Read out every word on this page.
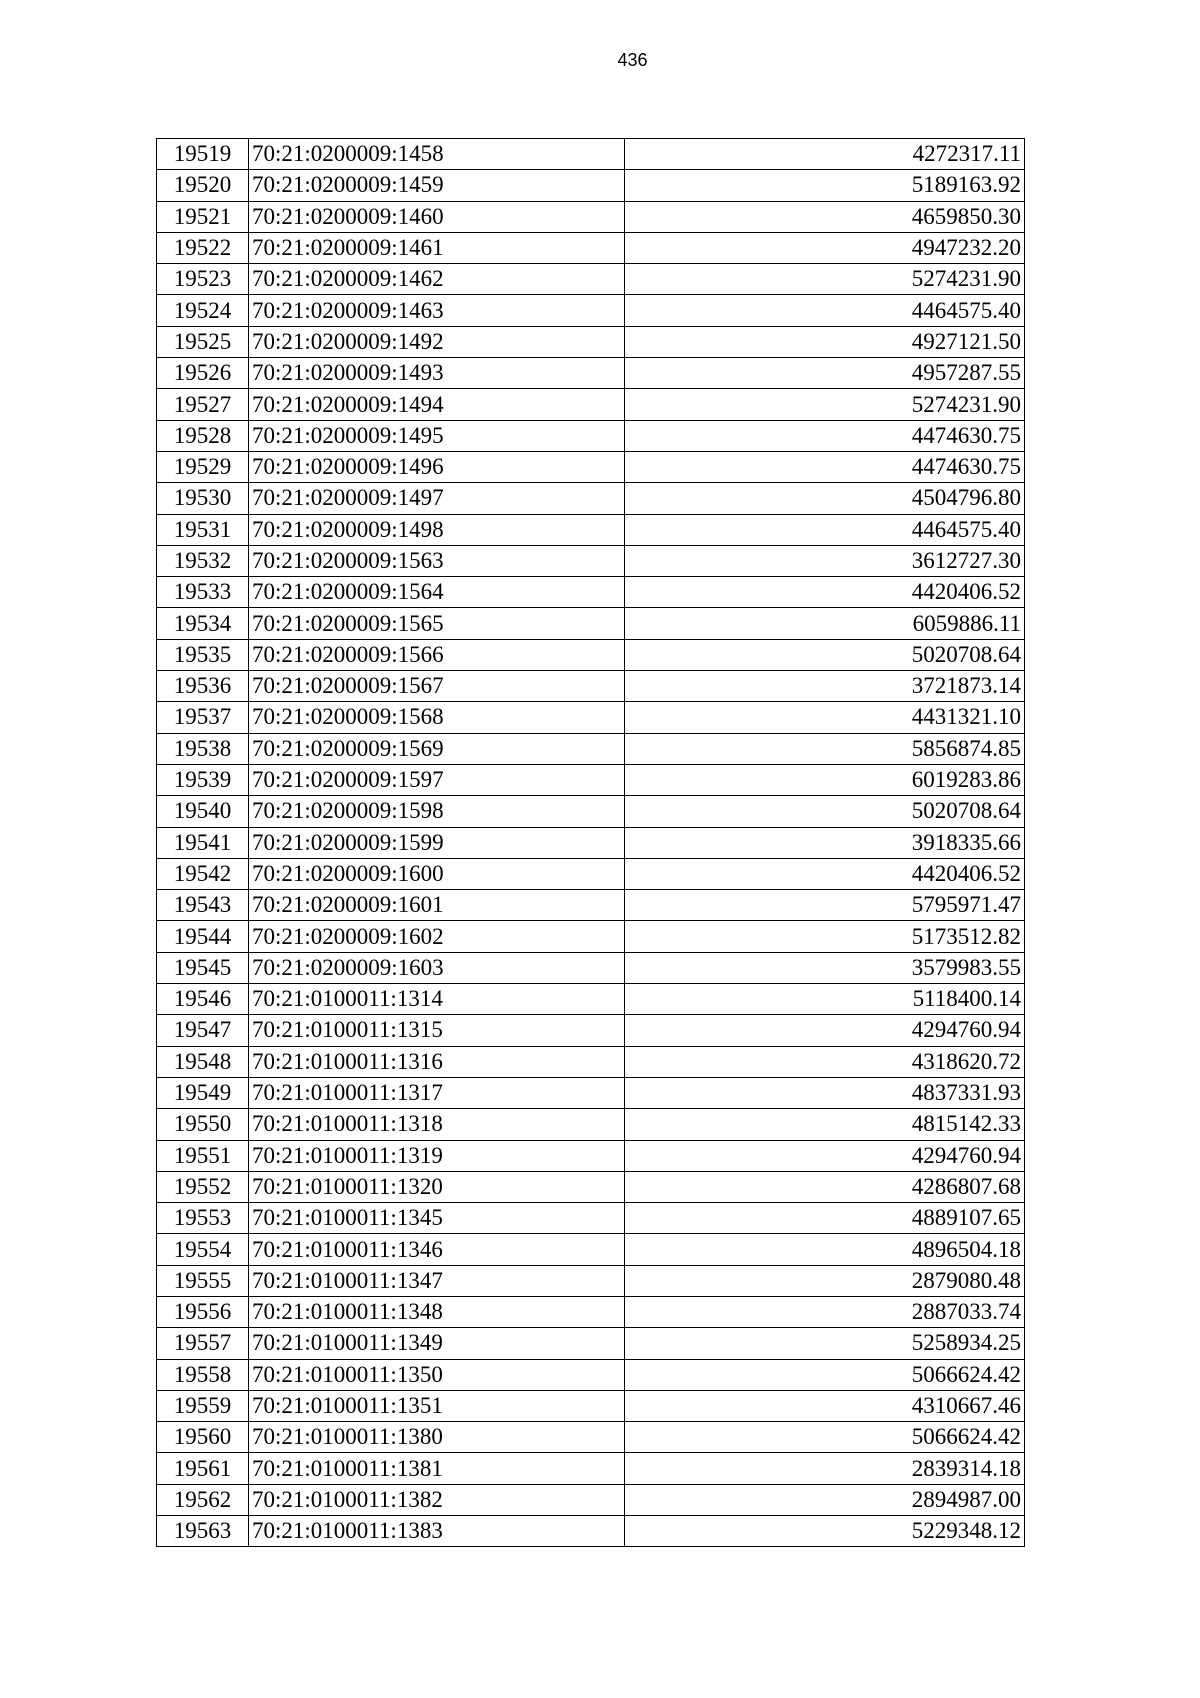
436
19519	70:21:0200009:1458	4272317.11
19520	70:21:0200009:1459	5189163.92
19521	70:21:0200009:1460	4659850.30
19522	70:21:0200009:1461	4947232.20
19523	70:21:0200009:1462	5274231.90
19524	70:21:0200009:1463	4464575.40
19525	70:21:0200009:1492	4927121.50
19526	70:21:0200009:1493	4957287.55
19527	70:21:0200009:1494	5274231.90
19528	70:21:0200009:1495	4474630.75
19529	70:21:0200009:1496	4474630.75
19530	70:21:0200009:1497	4504796.80
19531	70:21:0200009:1498	4464575.40
19532	70:21:0200009:1563	3612727.30
19533	70:21:0200009:1564	4420406.52
19534	70:21:0200009:1565	6059886.11
19535	70:21:0200009:1566	5020708.64
19536	70:21:0200009:1567	3721873.14
19537	70:21:0200009:1568	4431321.10
19538	70:21:0200009:1569	5856874.85
19539	70:21:0200009:1597	6019283.86
19540	70:21:0200009:1598	5020708.64
19541	70:21:0200009:1599	3918335.66
19542	70:21:0200009:1600	4420406.52
19543	70:21:0200009:1601	5795971.47
19544	70:21:0200009:1602	5173512.82
19545	70:21:0200009:1603	3579983.55
19546	70:21:0100011:1314	5118400.14
19547	70:21:0100011:1315	4294760.94
19548	70:21:0100011:1316	4318620.72
19549	70:21:0100011:1317	4837331.93
19550	70:21:0100011:1318	4815142.33
19551	70:21:0100011:1319	4294760.94
19552	70:21:0100011:1320	4286807.68
19553	70:21:0100011:1345	4889107.65
19554	70:21:0100011:1346	4896504.18
19555	70:21:0100011:1347	2879080.48
19556	70:21:0100011:1348	2887033.74
19557	70:21:0100011:1349	5258934.25
19558	70:21:0100011:1350	5066624.42
19559	70:21:0100011:1351	4310667.46
19560	70:21:0100011:1380	5066624.42
19561	70:21:0100011:1381	2839314.18
19562	70:21:0100011:1382	2894987.00
19563	70:21:0100011:1383	5229348.12
